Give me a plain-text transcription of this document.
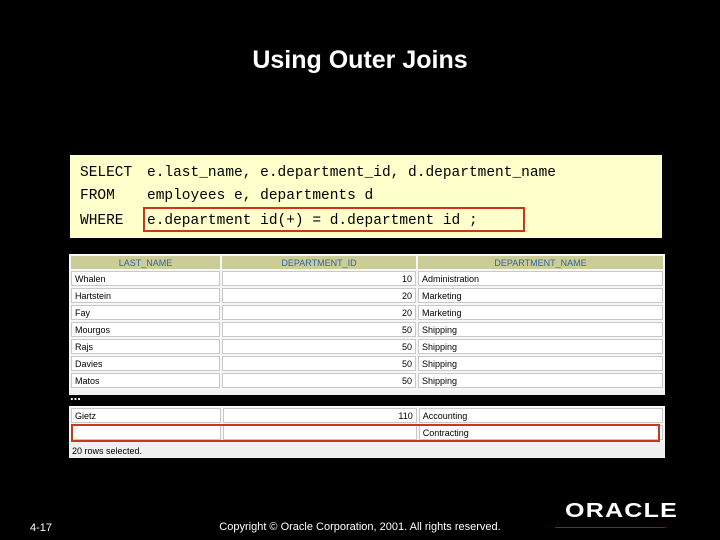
Using Outer Joins
SELECT e.last_name, e.department_id, d.department_name
FROM employees e, departments d
WHERE e.department id(+) = d.department id ;
LAST_NAME	DEPARTMENT_ID	DEPARTMENT_NAME
Whalen	10	Administration
Hartstein	20	Marketing
Fay	20	Marketing
Mourgos	50	Shipping
Rajs	50	Shipping
Davies	50	Shipping
Matos	50	Shipping
...
Gietz	110	Accounting
		Contracting
20 rows selected.
4-17	Copyright © Oracle Corporation, 2001. All rights reserved.
ORACLE
